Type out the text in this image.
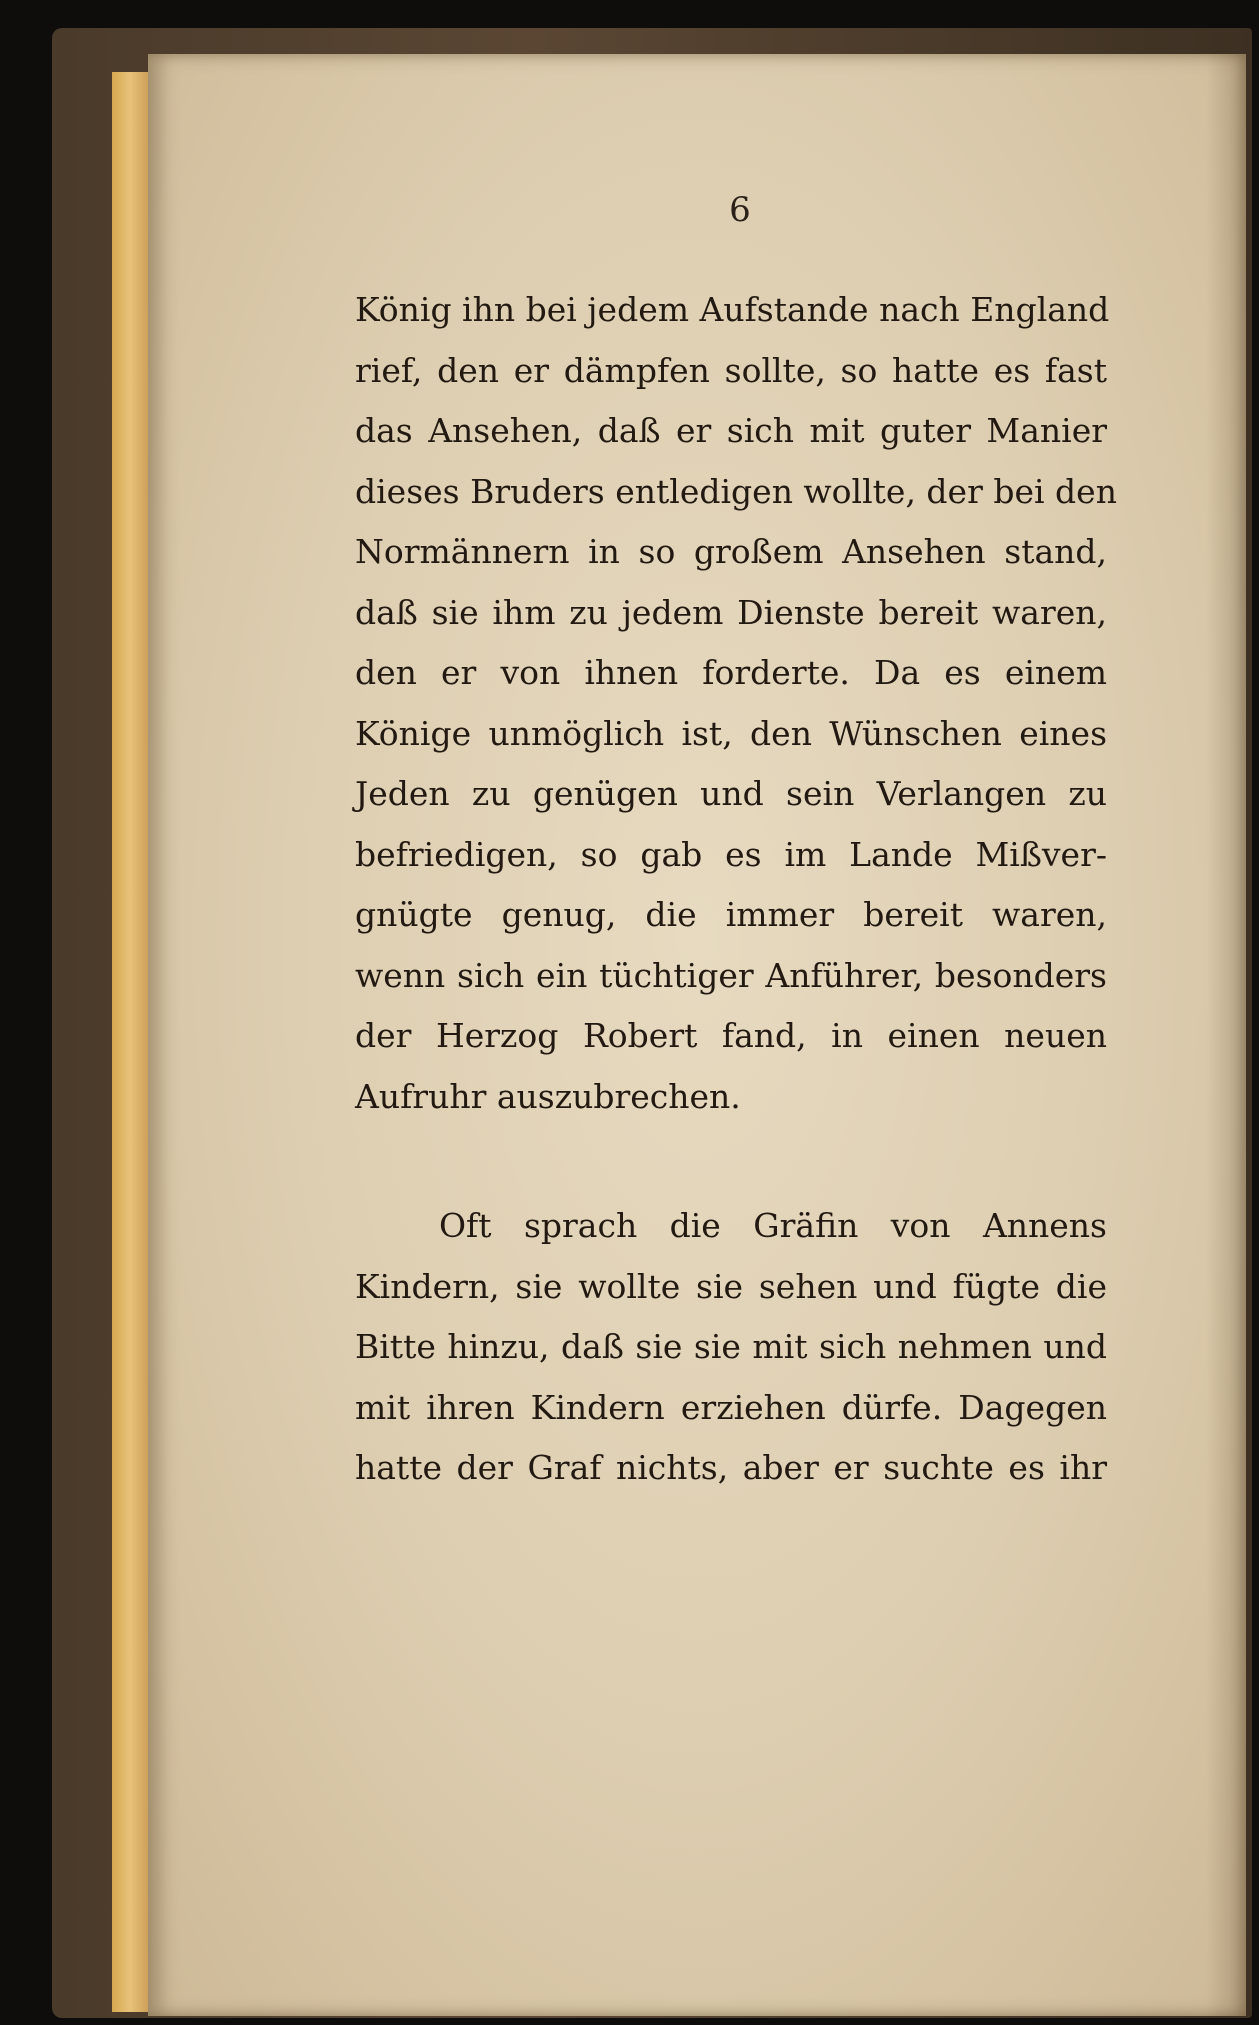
6
König ihn bei jedem Aufstande nach England
rief, den er dämpfen sollte, so hatte es fast
das Ansehen, daß er sich mit guter Manier
dieses Bruders entledigen wollte, der bei den
Normännern in so großem Ansehen stand,
daß sie ihm zu jedem Dienste bereit waren,
den er von ihnen forderte. Da es einem
Könige unmöglich ist, den Wünschen eines
Jeden zu genügen und sein Verlangen zu
befriedigen, so gab es im Lande Mißver-
gnügte genug, die immer bereit waren,
wenn sich ein tüchtiger Anführer, besonders
der Herzog Robert fand, in einen neuen
Aufruhr auszubrechen.
Oft sprach die Gräfin von Annens
Kindern, sie wollte sie sehen und fügte die
Bitte hinzu, daß sie sie mit sich nehmen und
mit ihren Kindern erziehen dürfe. Dagegen
hatte der Graf nichts, aber er suchte es ihr
